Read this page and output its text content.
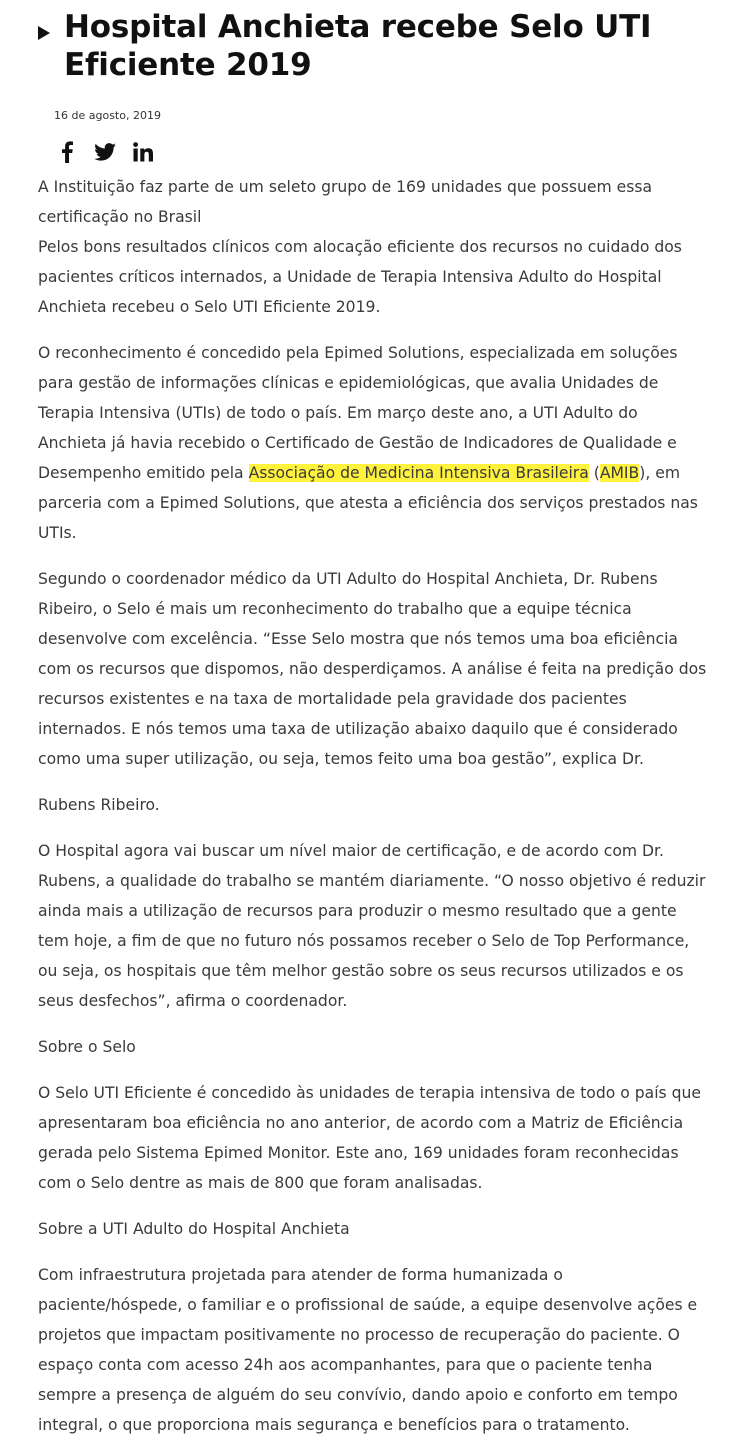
Hospital Anchieta recebe Selo UTI Eficiente 2019
16 de agosto, 2019

A Instituição faz parte de um seleto grupo de 169 unidades que possuem essa certificação no Brasil
Pelos bons resultados clínicos com alocação eficiente dos recursos no cuidado dos pacientes críticos internados, a Unidade de Terapia Intensiva Adulto do Hospital Anchieta recebeu o Selo UTI Eficiente 2019.

O reconhecimento é concedido pela Epimed Solutions, especializada em soluções para gestão de informações clínicas e epidemiológicas, que avalia Unidades de Terapia Intensiva (UTIs) de todo o país. Em março deste ano, a UTI Adulto do Anchieta já havia recebido o Certificado de Gestão de Indicadores de Qualidade e Desempenho emitido pela Associação de Medicina Intensiva Brasileira (AMIB), em parceria com a Epimed Solutions, que atesta a eficiência dos serviços prestados nas UTIs.

Segundo o coordenador médico da UTI Adulto do Hospital Anchieta, Dr. Rubens Ribeiro, o Selo é mais um reconhecimento do trabalho que a equipe técnica desenvolve com excelência. “Esse Selo mostra que nós temos uma boa eficiência com os recursos que dispomos, não desperdiçamos. A análise é feita na predição dos recursos existentes e na taxa de mortalidade pela gravidade dos pacientes internados. E nós temos uma taxa de utilização abaixo daquilo que é considerado como uma super utilização, ou seja, temos feito uma boa gestão”, explica Dr.

Rubens Ribeiro.

O Hospital agora vai buscar um nível maior de certificação, e de acordo com Dr. Rubens, a qualidade do trabalho se mantém diariamente. “O nosso objetivo é reduzir ainda mais a utilização de recursos para produzir o mesmo resultado que a gente tem hoje, a fim de que no futuro nós possamos receber o Selo de Top Performance, ou seja, os hospitais que têm melhor gestão sobre os seus recursos utilizados e os seus desfechos”, afirma o coordenador.

Sobre o Selo

O Selo UTI Eficiente é concedido às unidades de terapia intensiva de todo o país que apresentaram boa eficiência no ano anterior, de acordo com a Matriz de Eficiência gerada pelo Sistema Epimed Monitor. Este ano, 169 unidades foram reconhecidas com o Selo dentre as mais de 800 que foram analisadas.

Sobre a UTI Adulto do Hospital Anchieta

Com infraestrutura projetada para atender de forma humanizada o paciente/hóspede, o familiar e o profissional de saúde, a equipe desenvolve ações e projetos que impactam positivamente no processo de recuperação do paciente. O espaço conta com acesso 24h aos acompanhantes, para que o paciente tenha sempre a presença de alguém do seu convívio, dando apoio e conforto em tempo integral, o que proporciona mais segurança e benefícios para o tratamento.
